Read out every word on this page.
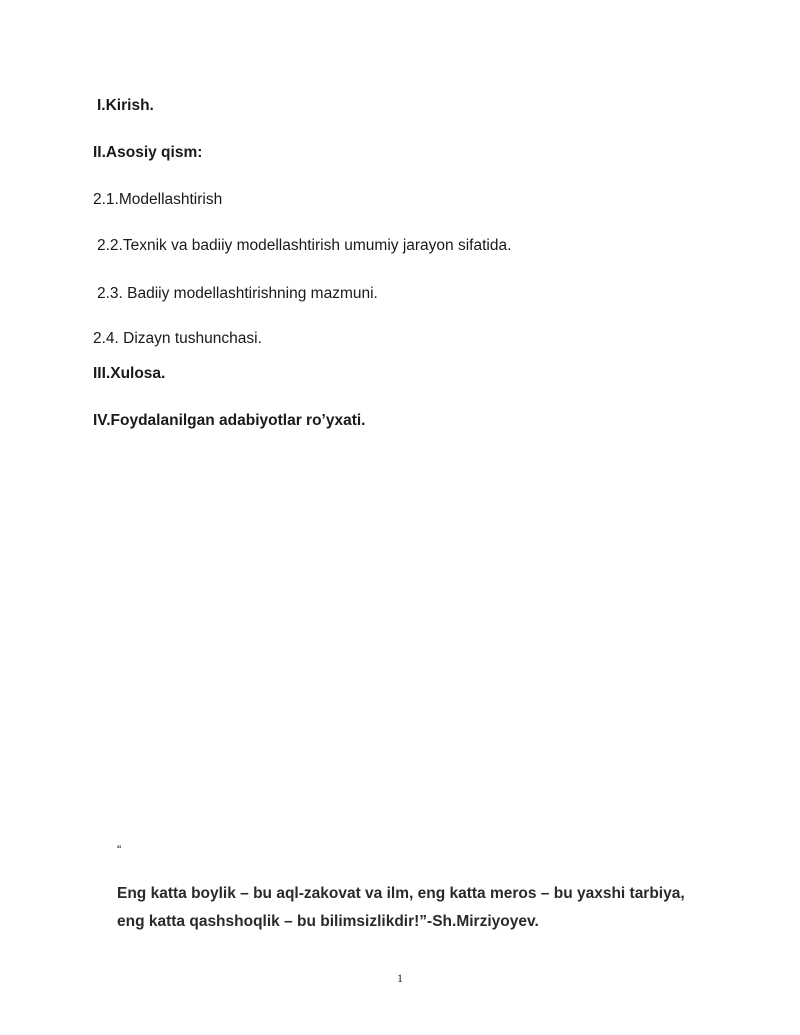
I.Kirish.
II.Asosiy qism:
2.1.Modellashtirish
2.2.Texnik va badiiy modellashtirish umumiy jarayon sifatida.
2.3. Badiiy modellashtirishning mazmuni.
2.4. Dizayn tushunchasi.
III.Xulosa.
IV.Foydalanilgan adabiyotlar ro’yxati.
“
Eng katta boylik – bu aql-zakovat va ilm, eng katta meros – bu yaxshi tarbiya,
eng katta qashshoqlik – bu bilimsizlikdir!”-Sh.Mirziyoyev.
1
